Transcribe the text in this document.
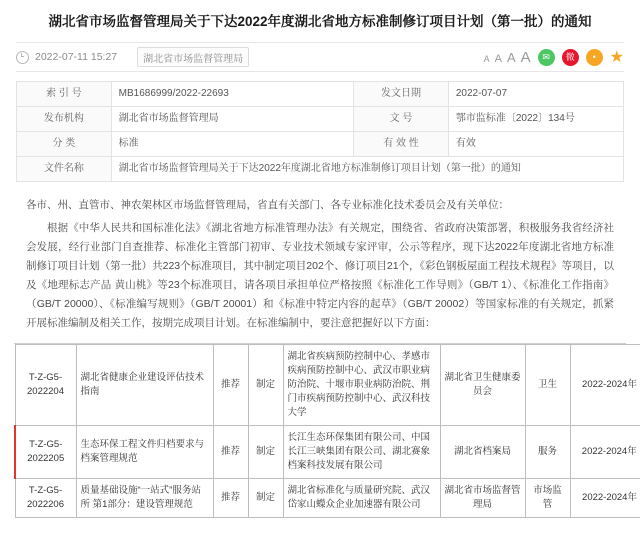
湖北省市场监督管理局关于下达2022年度湖北省地方标准制修订项目计划（第一批）的通知
2022-07-11 15:27	湖北省市场监督管理局	A A A A	✉	微	• ★
索 引 号	MB1686999/2022-22693	发文日期	2022-07-07
发布机构	湖北省市场监督管理局	文 号	鄂市监标准〔2022〕134号
分 类	标准	有 效 性	有效
文件名称	湖北省市场监督管理局关于下达2022年度湖北省地方标准制修订项目计划（第一批）的通知		

各市、州、直管市、神农架林区市场监督管理局，省直有关部门、各专业标准化技术委员会及有关单位：

根据《中华人民共和国标准化法》《湖北省地方标准管理办法》有关规定，围绕省、省政府决策部署，积极服务我省经济社会发展，经行业部门自查推荐、标准化主管部门初审、专业技术领域专家评审，公示等程序，现下达2022年度湖北省地方标准制修订项目计划（第一批）共223个标准项目，其中制定项目202个、修订项目21个，《彩色钢板屋面工程技术规程》等项目，以及《地理标志产品 黄山桃》等23个标准项目，请各项目承担单位严格按照《标准化工作导则》（GB/T 1）、《标准化工作指南》（GB/T 20000）、《标准编写规则》（GB/T 20001）和《标准中特定内容的起草》（GB/T 20002）等国家标准的有关规定，抓紧开展标准编制及相关工作，按期完成项目计划。在标准编制中，要注意把握好以下方面：

T-Z-G5-2022204	湖北省健康企业建设评估技术指南	推荐	制定	湖北省疾病预防控制中心、孝感市疾病预防控制中心、武汉市职业病防治院、十堰市职业病防治院、荆门市疾病预防控制中心、武汉科技大学	湖北省卫生健康委员会	卫生	2022-2024年
T-Z-G5-2022205	生态环保工程文件归档要求与档案管理规范	推荐	制定	长江生态环保集团有限公司、中国长江三峡集团有限公司、湖北赛象档案科技发展有限公司	湖北省档案局	服务	2022-2024年
T-Z-G5-2022206	质量基础设施“一站式”服务站所 第1部分：建设管理规范	推荐	制定	湖北省标准化与质量研究院、武汉岱家山蠑众企业加速器有限公司	湖北省市场监督管理局	市场监管	2022-2024年
